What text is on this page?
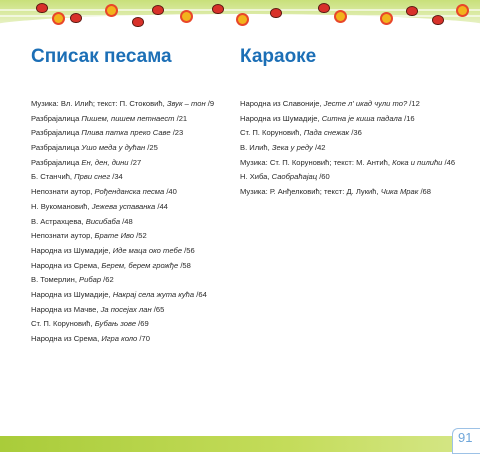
Списак песама
Музика: Вл. Илић; текст: П. Стоковић, Звук – тон /9
Разбрајалица Пишем, пишем петнаест /21
Разбрајалица Плива патка преко Саве /23
Разбрајалица Ушо меда у дућан /25
Разбрајалица Ен, ден, дини /27
Б. Станчић, Први снег /34
Непознати аутор, Рођенданска песма /40
Н. Вукомановић, Јежева успаванка /44
В. Астрахцева, Висибаба /48
Непознати аутор, Брате Иво /52
Народна из Шумадије, Иде маца око тебе /56
Народна из Срема, Берем, берем грожђе /58
В. Томерлин, Рибар /62
Народна из Шумадије, Накрај села жута кућа /64
Народна из Мачве, Ја посејах лан /65
Ст. П. Коруновић, Бубањ зове /69
Народна из Срема, Игра коло /70
Караоке
Народна из Славоније, Јесте л' икад чули то? /12
Народна из Шумадије, Ситна је киша падала /16
Ст. П. Коруновић, Пада снежак /36
В. Илић, Зека у реду /42
Музика: Ст. П. Коруновић; текст: М. Антић, Кока и пилићи /46
Н. Хиба, Саобраћајац /60
Музика: Р. Анђелковић; текст: Д. Лукић, Чика Мрак /68
91
